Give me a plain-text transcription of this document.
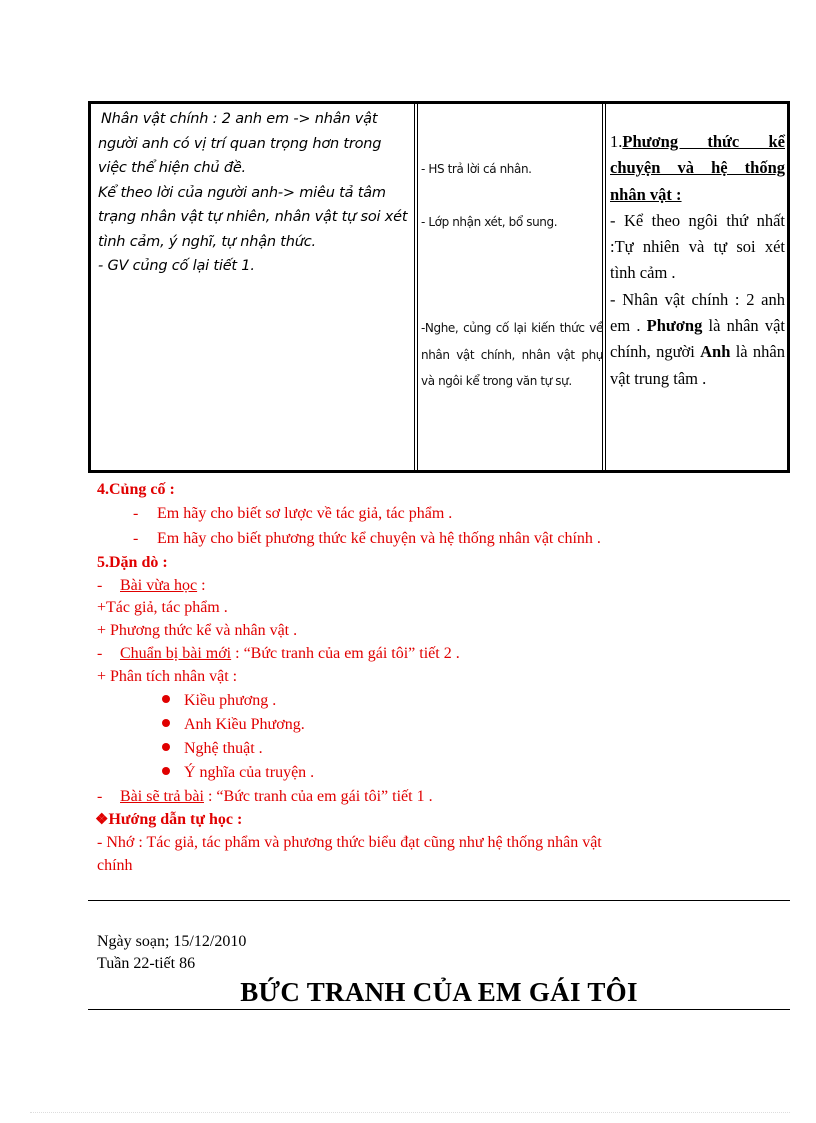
Nhân vật chính : 2 anh em -> nhân vật người anh có vị trí quan trọng hơn trong việc thể hiện chủ đề.
Kể theo lời của người anh-> miêu tả tâm trạng nhân vật tự nhiên, nhân vật tự soi xét tình cảm, ý nghĩ, tự nhận thức.
- GV củng cố lại tiết 1.
- HS trả lời cá nhân.
- Lớp nhận xét, bổ sung.
-Nghe, củng cố lại kiến thức về nhân vật chính, nhân vật phụ và ngôi kể trong văn tự sự.
1.Phương thức kể chuyện và hệ thống nhân vật :
- Kể theo ngôi thứ nhất :Tự nhiên và tự soi xét tình cảm .
- Nhân vật chính : 2 anh em . Phương là nhân vật chính, người Anh là nhân vật trung tâm .
4.Củng cố :
- Em hãy cho biết sơ lược về tác giả, tác phẩm .
- Em hãy cho biết phương thức kể chuyện và hệ thống nhân vật chính .
5.Dặn dò :
- Bài vừa học :
+Tác giả, tác phẩm .
+ Phương thức kể và nhân vật .
- Chuẩn bị bài mới : “Bức tranh của em gái tôi” tiết 2 .
+ Phân tích nhân vật :
Kiều phương .
Anh Kiều Phương.
Nghệ thuật .
Ý nghĩa của truyện .
- Bài sẽ trả bài : “Bức tranh của em gái tôi” tiết 1 .
❖Hướng dẫn tự học :
- Nhớ : Tác giả, tác phẩm và phương thức biểu đạt cũng như hệ thống nhân vật
chính
Ngày soạn; 15/12/2010
Tuần 22-tiết 86
BỨC TRANH CỦA EM GÁI TÔI
